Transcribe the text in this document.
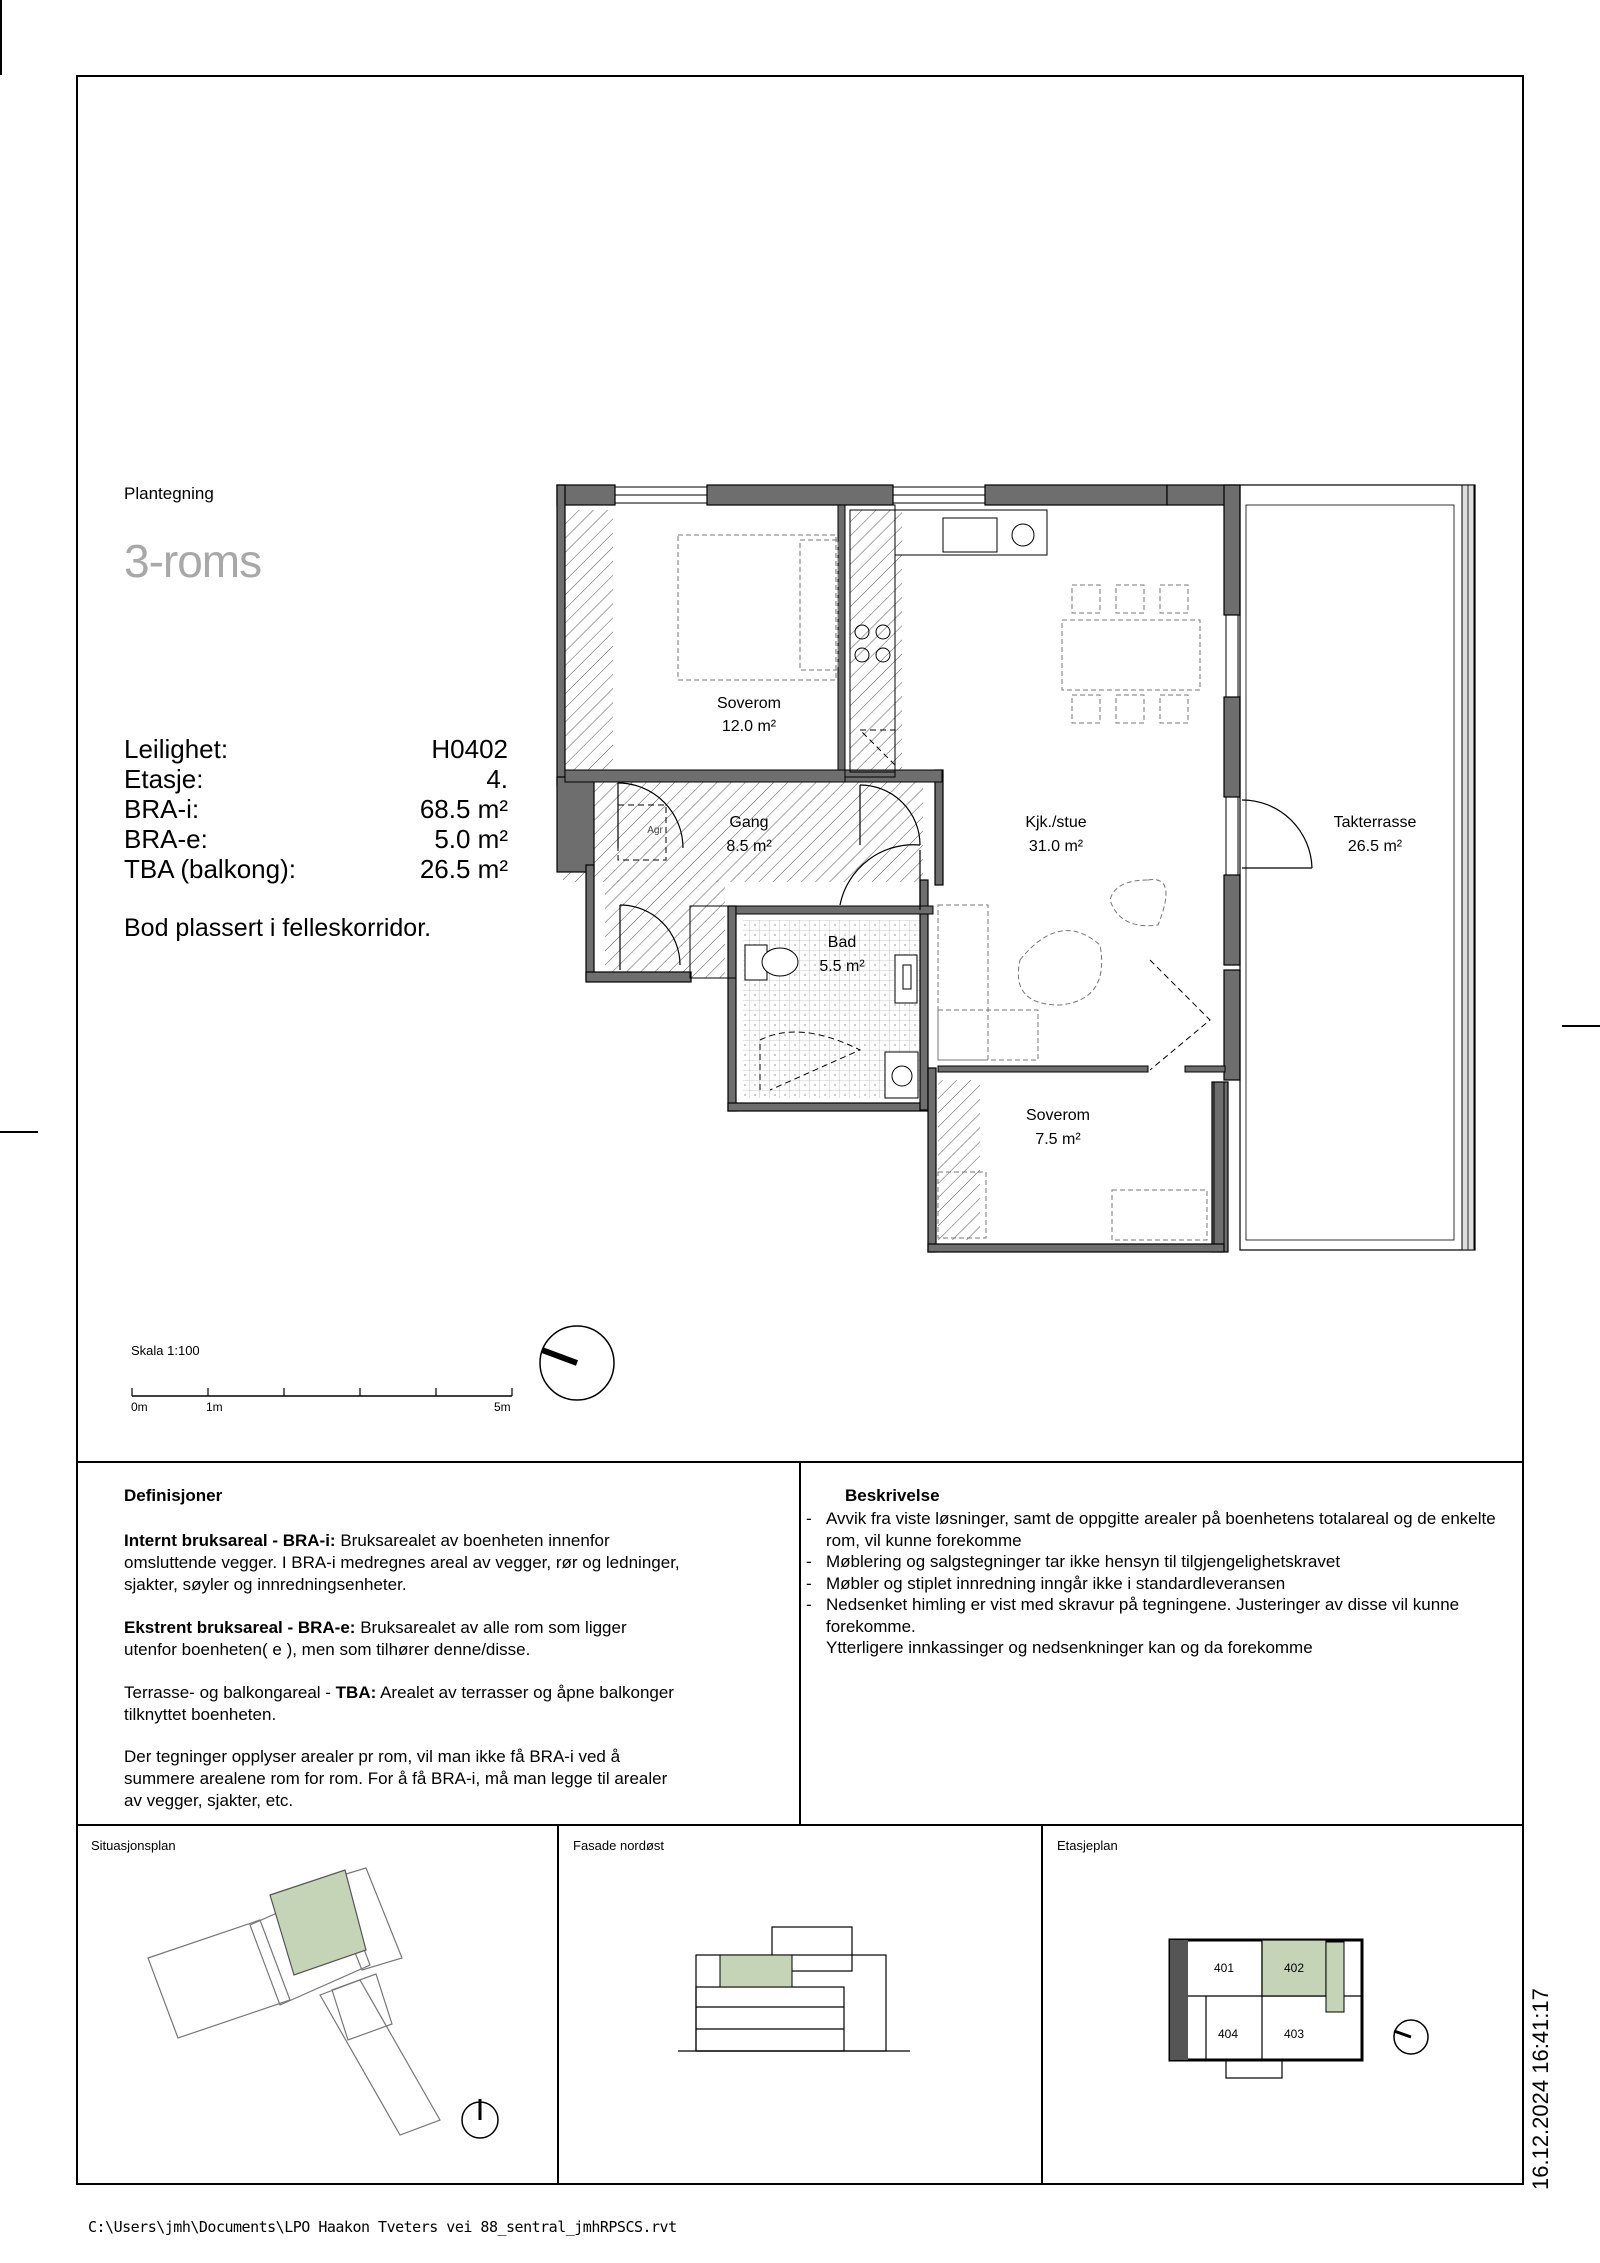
Plantegning
3-roms
Leilighet:	H0402
Etasje:	4.
BRA-i:	68.5 m²
BRA-e:	5.0 m²
TBA (balkong):	26.5 m²
Bod plassert i felleskorridor.
Soverom
12.0 m²
Gang
8.5 m²
Bad
5.5 m²
Kjk./stue
31.0 m²
Takterrasse
26.5 m²
Soverom
7.5 m²
Agr
Skala 1:100
0m	1m	5m
Definisjoner
Internt bruksareal - BRA-i: Bruksarealet av boenheten innenfor omsluttende vegger. I BRA-i medregnes areal av vegger, rør og ledninger, sjakter, søyler og innredningsenheter.
Ekstrent bruksareal - BRA-e: Bruksarealet av alle rom som ligger utenfor boenheten( e ), men som tilhører denne/disse.
Terrasse- og balkongareal - TBA: Arealet av terrasser og åpne balkonger tilknyttet boenheten.
Der tegninger opplyser arealer pr rom, vil man ikke få BRA-i ved å summere arealene rom for rom. For å få BRA-i, må man legge til arealer av vegger, sjakter, etc.
Beskrivelse
- Avvik fra viste løsninger, samt de oppgitte arealer på boenhetens totalareal og de enkelte rom, vil kunne forekomme
- Møblering og salgstegninger tar ikke hensyn til tilgjengelighetskravet
- Møbler og stiplet innredning inngår ikke i standardleveransen
- Nedsenket himling er vist med skravur på tegningene. Justeringer av disse vil kunne forekomme.
Ytterligere innkassinger og nedsenkninger kan og da forekomme
Situasjonsplan	Fasade nordøst	Etasjeplan
401	402
404	403
C:\Users\jmh\Documents\LPO Haakon Tveters vei 88_sentral_jmhRPSCS.rvt
16.12.2024 16:41:17
